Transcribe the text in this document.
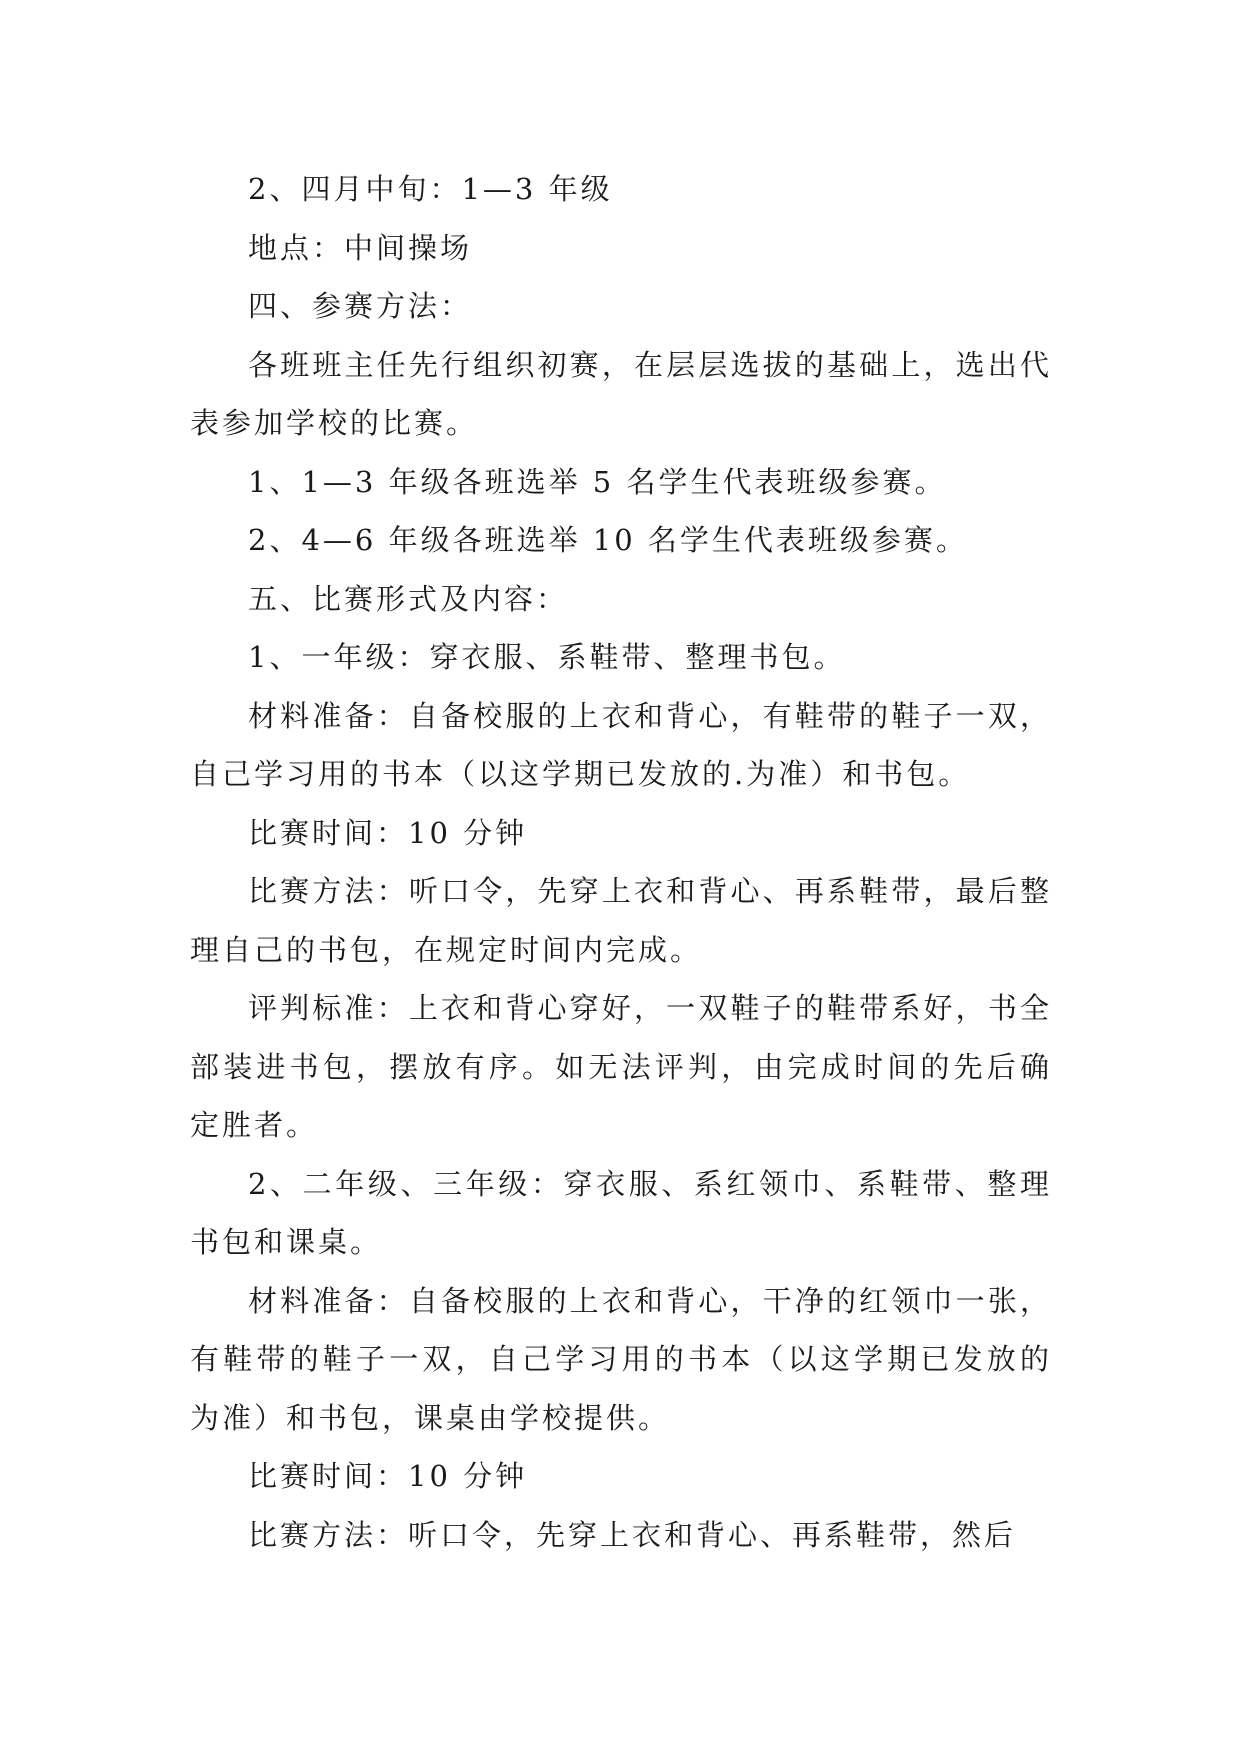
2、四月中旬：1—3 年级

地点：中间操场

四、参赛方法：

各班班主任先行组织初赛，在层层选拔的基础上，选出代表参加学校的比赛。

1、1—3 年级各班选举 5 名学生代表班级参赛。

2、4—6 年级各班选举 10 名学生代表班级参赛。

五、比赛形式及内容：

1、一年级：穿衣服、系鞋带、整理书包。

材料准备：自备校服的上衣和背心，有鞋带的鞋子一双，自己学习用的书本（以这学期已发放的.为准）和书包。

比赛时间：10 分钟

比赛方法：听口令，先穿上衣和背心、再系鞋带，最后整理自己的书包，在规定时间内完成。

评判标准：上衣和背心穿好，一双鞋子的鞋带系好，书全部装进书包，摆放有序。如无法评判，由完成时间的先后确定胜者。

2、二年级、三年级：穿衣服、系红领巾、系鞋带、整理书包和课桌。

材料准备：自备校服的上衣和背心，干净的红领巾一张，有鞋带的鞋子一双，自己学习用的书本（以这学期已发放的为准）和书包，课桌由学校提供。

比赛时间：10 分钟

比赛方法：听口令，先穿上衣和背心、再系鞋带，然后
